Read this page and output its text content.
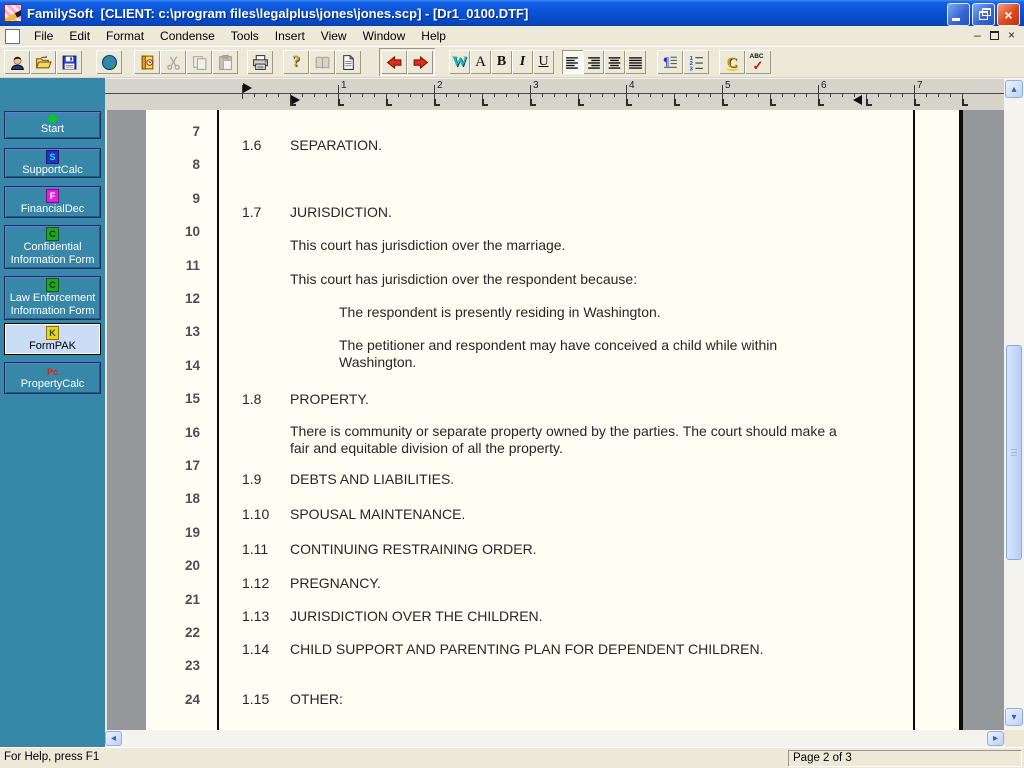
FamilySoft  [CLIENT: c:\program files\legalplus\jones\jones.scp] - [Dr1_0100.DTF]	×
File	Edit	Format	Condense	Tools	Insert	View	Window	Help	–	×
?	W A B I U	¶	1
2
3 C	ABC
✓
Start
S
SupportCalc
F
FinancialDec
C
Confidential
Information Form
C
Law Enforcement
Information Form
K
FormPAK
Pc
PropertyCalc
1	2	3	4	5	6	7
7
8
9
10
11
12
13
14
15
16
17
18
19
20
21
22
23
24
1.6 SEPARATION.
1.7 JURISDICTION.
This court has jurisdiction over the marriage.
This court has jurisdiction over the respondent because:
The respondent is presently residing in Washington.
The petitioner and respondent may have conceived a child while within
Washington.
1.8 PROPERTY.
There is community or separate property owned by the parties. The court should make a
fair and equitable division of all the property.
1.9 DEBTS AND LIABILITIES.
1.10 SPOUSAL MAINTENANCE.
1.11 CONTINUING RESTRAINING ORDER.
1.12 PREGNANCY.
1.13 JURISDICTION OVER THE CHILDREN.
1.14 CHILD SUPPORT AND PARENTING PLAN FOR DEPENDENT CHILDREN.
1.15 OTHER:
▴
▾
◂	▸
For Help, press F1	Page 2 of 3
